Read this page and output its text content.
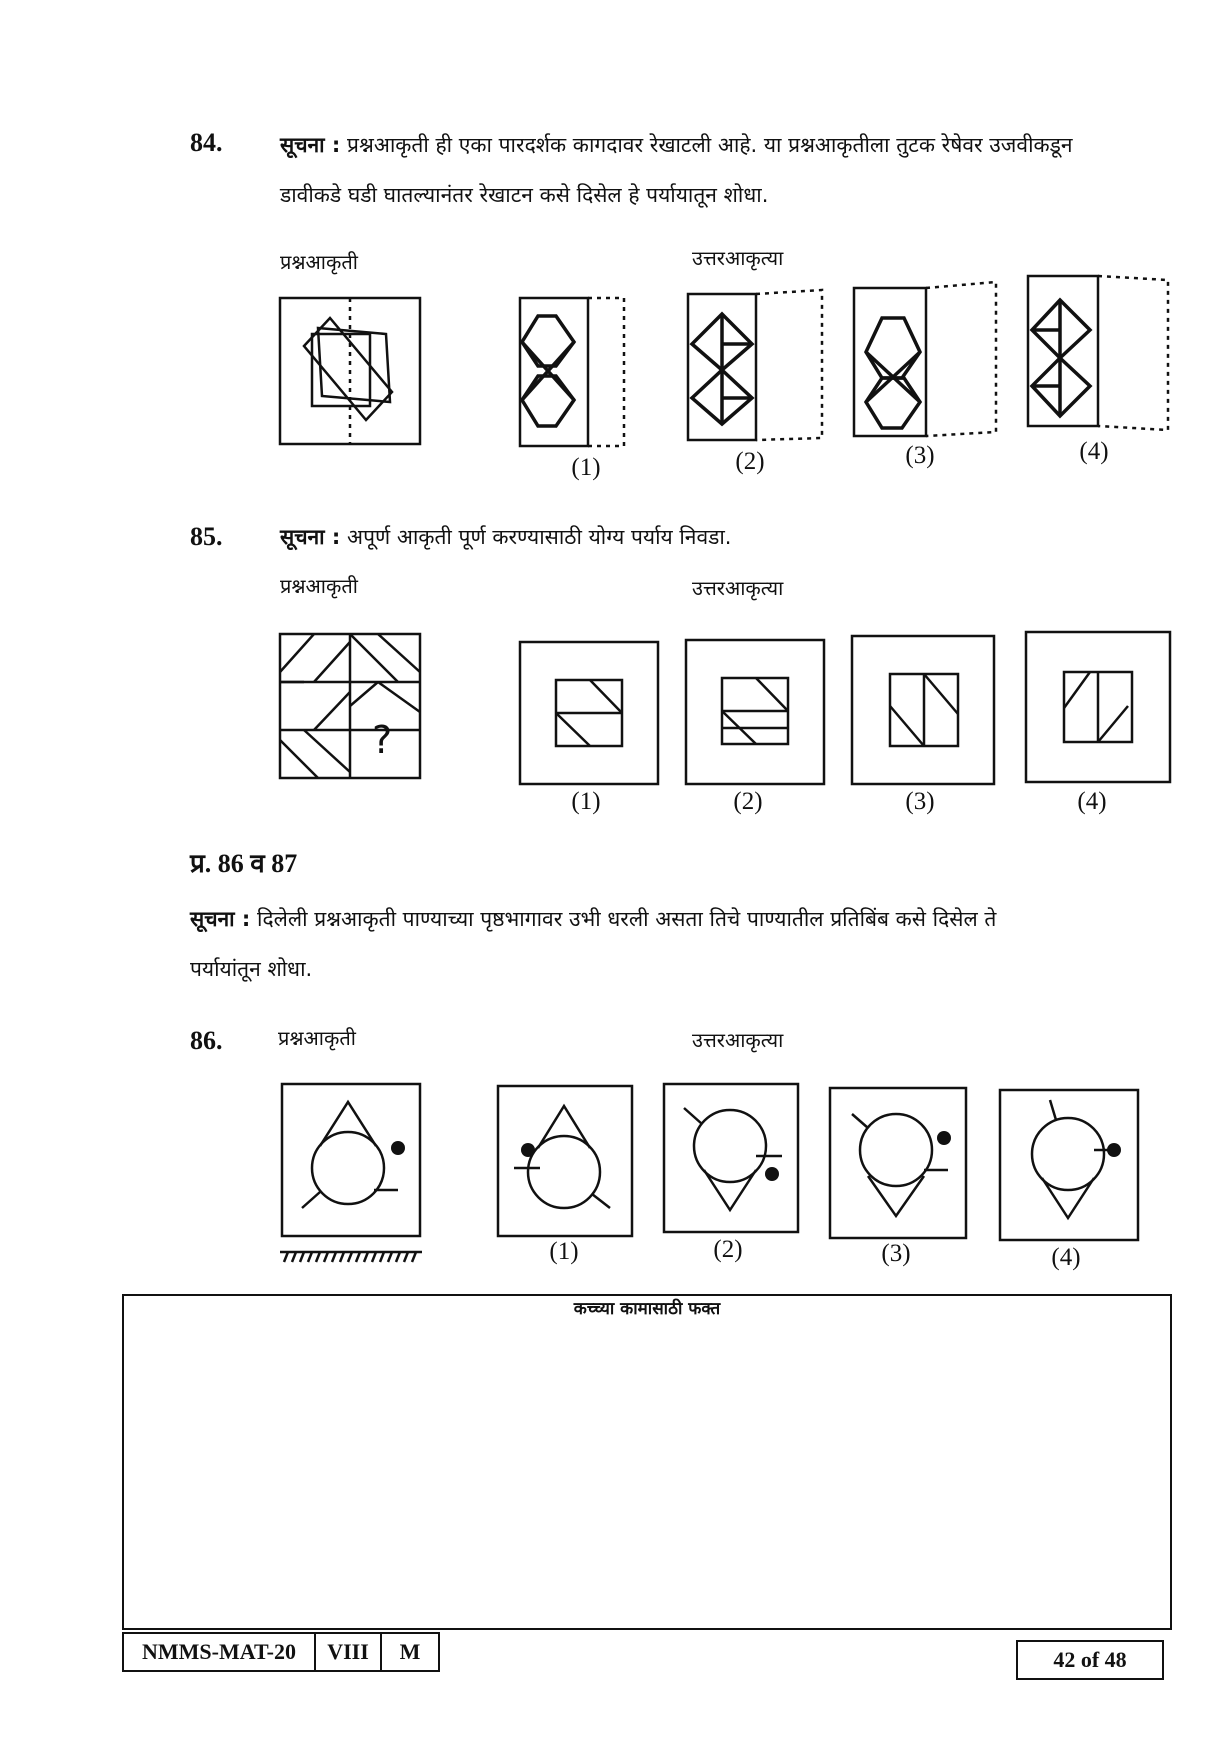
84.	सूचना : प्रश्नआकृती ही एका पारदर्शक कागदावर रेखाटली आहे. या प्रश्नआकृतीला तुटक रेषेवर उजवीकडून
डावीकडे घडी घातल्यानंतर रेखाटन कसे दिसेल हे पर्यायातून शोधा.
प्रश्नआकृती	उत्तरआकृत्या
(1)	(2)	(3)	(4)
85.	सूचना : अपूर्ण आकृती पूर्ण करण्यासाठी योग्य पर्याय निवडा.
प्रश्नआकृती	उत्तरआकृत्या
?
(1)	(2)	(3)	(4)
प्र. 86 व 87
सूचना : दिलेली प्रश्नआकृती पाण्याच्या पृष्ठभागावर उभी धरली असता तिचे पाण्यातील प्रतिबिंब कसे दिसेल ते
पर्यायांतून शोधा.
86.	प्रश्नआकृती	उत्तरआकृत्या
(1)	(2)	(3)	(4)
कच्च्या कामासाठी फक्त
NMMS-MAT-20	VIII	M	42 of 48
